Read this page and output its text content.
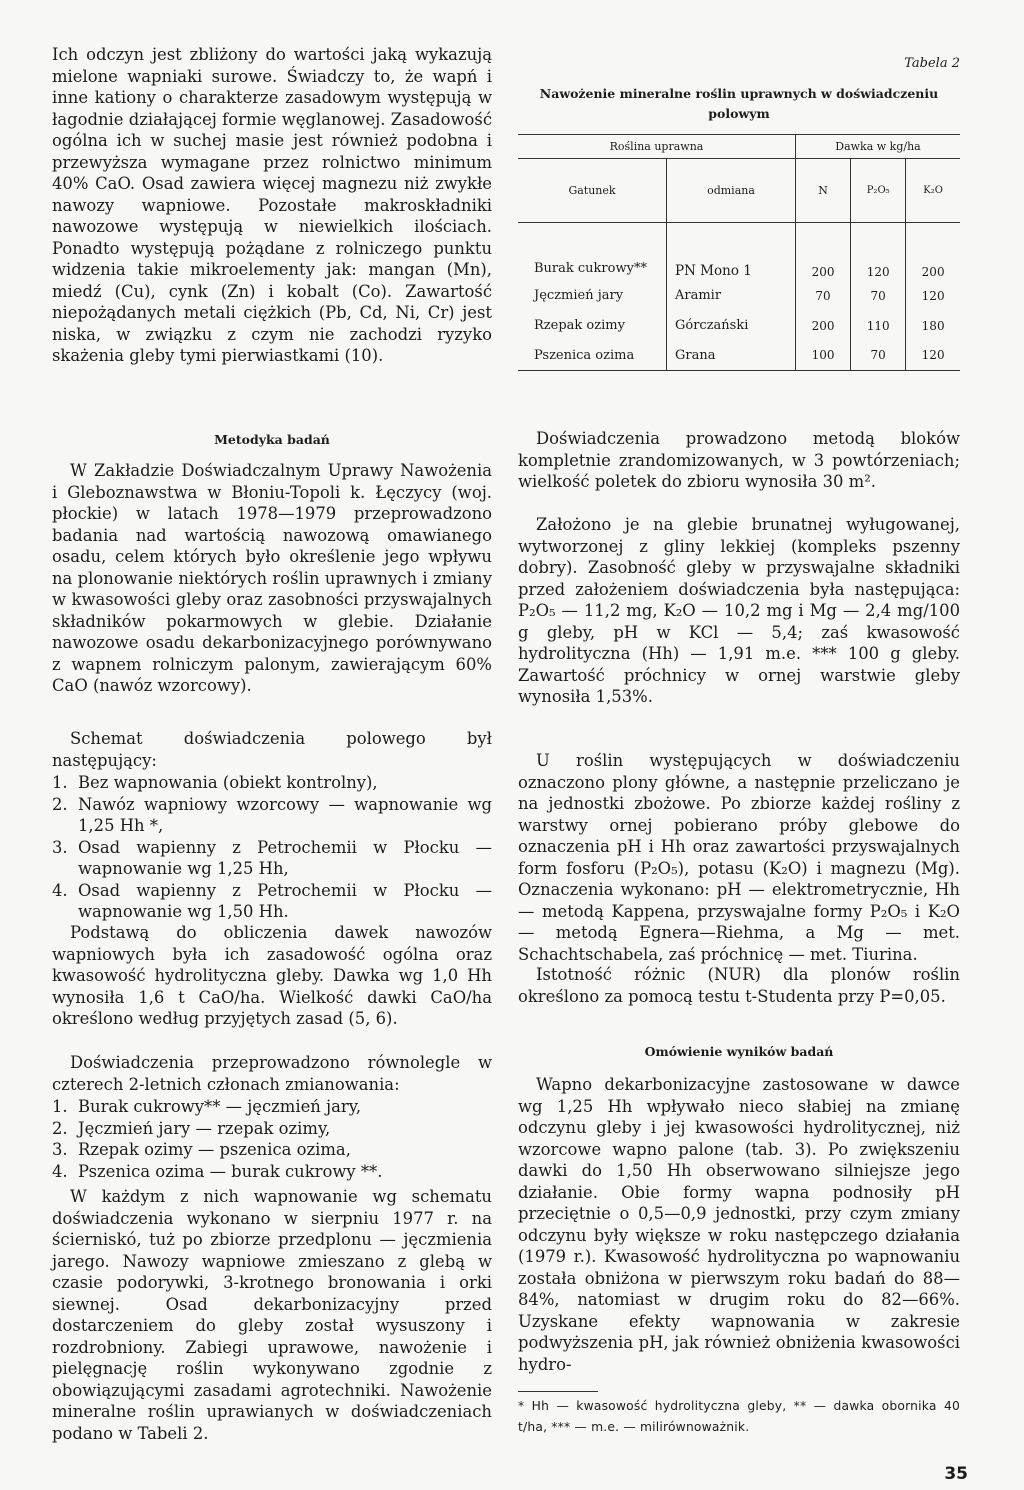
Ich odczyn jest zbliżony do wartości jaką wykazują mielone wapniaki surowe. Świadczy to, że wapń i inne kationy o charakterze zasadowym występują w łagodnie działającej formie węglanowej. Zasadowość ogólna ich w suchej masie jest również podobna i przewyższa wymagane przez rolnictwo minimum 40% CaO. Osad zawiera więcej magnezu niż zwykłe nawozy wapniowe. Pozostałe makroskładniki nawozowe występują w niewielkich ilościach. Ponadto występują pożądane z rolniczego punktu widzenia takie mikroelementy jak: mangan (Mn), miedź (Cu), cynk (Zn) i kobalt (Co). Zawartość niepożądanych metali ciężkich (Pb, Cd, Ni, Cr) jest niska, w związku z czym nie zachodzi ryzyko skażenia gleby tymi pierwiastkami (10).

Metodyka badań

W Zakładzie Doświadczalnym Uprawy Nawożenia i Gleboznawstwa w Błoniu-Topoli k. Łęczycy (woj. płockie) w latach 1978—1979 przeprowadzono badania nad wartością nawozową omawianego osadu, celem których było określenie jego wpływu na plonowanie niektórych roślin uprawnych i zmiany w kwasowości gleby oraz zasobności przyswajalnych składników pokarmowych w glebie. Działanie nawozowe osadu dekarbonizacyjnego porównywano z wapnem rolniczym palonym, zawierającym 60% CaO (nawóz wzorcowy).

Schemat doświadczenia polowego był następujący:

1. Bez wapnowania (obiekt kontrolny),
2. Nawóz wapniowy wzorcowy — wapnowanie wg 1,25 Hh *,
3. Osad wapienny z Petrochemii w Płocku — wapnowanie wg 1,25 Hh,
4. Osad wapienny z Petrochemii w Płocku — wapnowanie wg 1,50 Hh.

Podstawą do obliczenia dawek nawozów wapniowych była ich zasadowość ogólna oraz kwasowość hydrolityczna gleby. Dawka wg 1,0 Hh wynosiła 1,6 t CaO/ha. Wielkość dawki CaO/ha określono według przyjętych zasad (5, 6).

Doświadczenia przeprowadzono równolegle w czterech 2-letnich członach zmianowania:

1. Burak cukrowy** — jęczmień jary,
2. Jęczmień jary — rzepak ozimy,
3. Rzepak ozimy — pszenica ozima,
4. Pszenica ozima — burak cukrowy **.

W każdym z nich wapnowanie wg schematu doświadczenia wykonano w sierpniu 1977 r. na ścierniskó, tuż po zbiorze przedplonu — jęczmienia jarego. Nawozy wapniowe zmieszano z glebą w czasie podorywki, 3-krotnego bronowania i orki siewnej. Osad dekarbonizacyjny przed dostarczeniem do gleby został wysuszony i rozdrobniony. Zabiegi uprawowe, nawożenie i pielęgnację roślin wykonywano zgodnie z obowiązującymi zasadami agrotechniki. Nawożenie mineralne roślin uprawianych w doświadczeniach podano w Tabeli 2.

Tabela 2
Nawożenie mineralne roślin uprawnych w doświadczeniu polowym
Roślina uprawna		Dawka w kg/ha		
Gatunek	odmiana	N	P₂O₅	K₂O
Burak cukrowy**	PN Mono 1	200	120	200
Jęczmień jary	Aramir	70	70	120
Rzepak ozimy	Górczański	200	110	180
Pszenica ozima	Grana	100	70	120

Doświadczenia prowadzono metodą bloków kompletnie zrandomizowanych, w 3 powtórzeniach; wielkość poletek do zbioru wynosiła 30 m².

Założono je na glebie brunatnej wyługowanej, wytworzonej z gliny lekkiej (kompleks pszenny dobry). Zasobność gleby w przyswajalne składniki przed założeniem doświadczenia była następująca: P₂O₅ — 11,2 mg, K₂O — 10,2 mg i Mg — 2,4 mg/100 g gleby, pH w KCl — 5,4; zaś kwasowość hydrolityczna (Hh) — 1,91 m.e. *** 100 g gleby. Zawartość próchnicy w ornej warstwie gleby wynosiła 1,53%.

U roślin występujących w doświadczeniu oznaczono plony główne, a następnie przeliczano je na jednostki zbożowe. Po zbiorze każdej rośliny z warstwy ornej pobierano próby glebowe do oznaczenia pH i Hh oraz zawartości przyswajalnych form fosforu (P₂O₅), potasu (K₂O) i magnezu (Mg). Oznaczenia wykonano: pH — elektrometrycznie, Hh — metodą Kappena, przyswajalne formy P₂O₅ i K₂O — metodą Egnera—Riehma, a Mg — met. Schachtschabela, zaś próchnicę — met. Tiurina.

Istotność różnic (NUR) dla plonów roślin określono za pomocą testu t-Studenta przy P=0,05.

Omówienie wyników badań

Wapno dekarbonizacyjne zastosowane w dawce wg 1,25 Hh wpływało nieco słabiej na zmianę odczynu gleby i jej kwasowości hydrolitycznej, niż wzorcowe wapno palone (tab. 3). Po zwiększeniu dawki do 1,50 Hh obserwowano silniejsze jego działanie. Obie formy wapna podnosiły pH przeciętnie o 0,5—0,9 jednostki, przy czym zmiany odczynu były większe w roku następczego działania (1979 r.). Kwasowość hydrolityczna po wapnowaniu została obniżona w pierwszym roku badań do 88—84%, natomiast w drugim roku do 82—66%. Uzyskane efekty wapnowania w zakresie podwyższenia pH, jak również obniżenia kwasowości hydro-

* Hh — kwasowość hydrolityczna gleby, ** — dawka obornika 40 t/ha, *** — m.e. — milirównoważnik.

35
